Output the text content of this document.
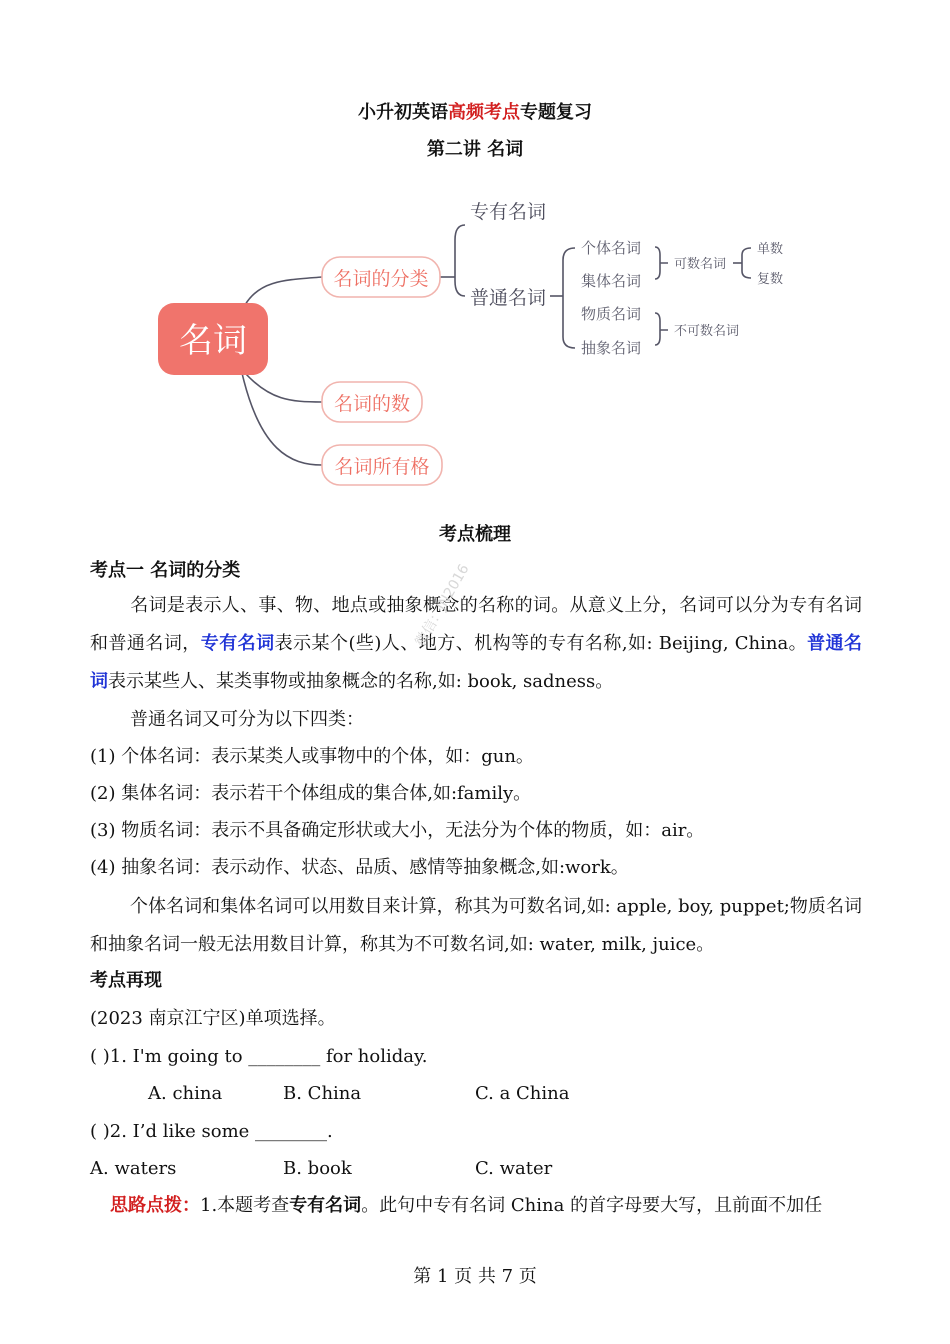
小升初英语高频考点专题复习
第二讲 名词
名词
名词的分类
名词的数
名词所有格
专有名词
普通名词
个体名词
集体名词
物质名词
抽象名词
可数名词
不可数名词
单数
复数
考点梳理
考点一 名词的分类
名词是表示人、事、物、地点或抽象概念的名称的词。从意义上分，名词可以分为专有名词和普通名词，专有名词表示某个(些)人、地方、机构等的专有名称,如: Beijing, China。普通名词表示某些人、某类事物或抽象概念的名称,如: book, sadness。
普通名词又可分为以下四类：
(1) 个体名词：表示某类人或事物中的个体，如：gun。
(2) 集体名词：表示若干个体组成的集合体,如:family。
(3) 物质名词：表示不具备确定形状或大小，无法分为个体的物质，如：air。
(4) 抽象名词：表示动作、状态、品质、感情等抽象概念,如:work。
个体名词和集体名词可以用数目来计算，称其为可数名词,如: apple, boy, puppet;物质名词和抽象名词一般无法用数目计算，称其为不可数名词,如: water, milk, juice。
考点再现
(2023 南京江宁区)单项选择。
( )1. I'm going to ________ for holiday.
A. china	B. China	C. a China
( )2. I’d like some ________.
A. waters	B. book	C. water
思路点拨：1.本题考查专有名词。此句中专有名词 China 的首字母要大写，且前面不加任
微信：JN2016
第 1 页 共 7 页
